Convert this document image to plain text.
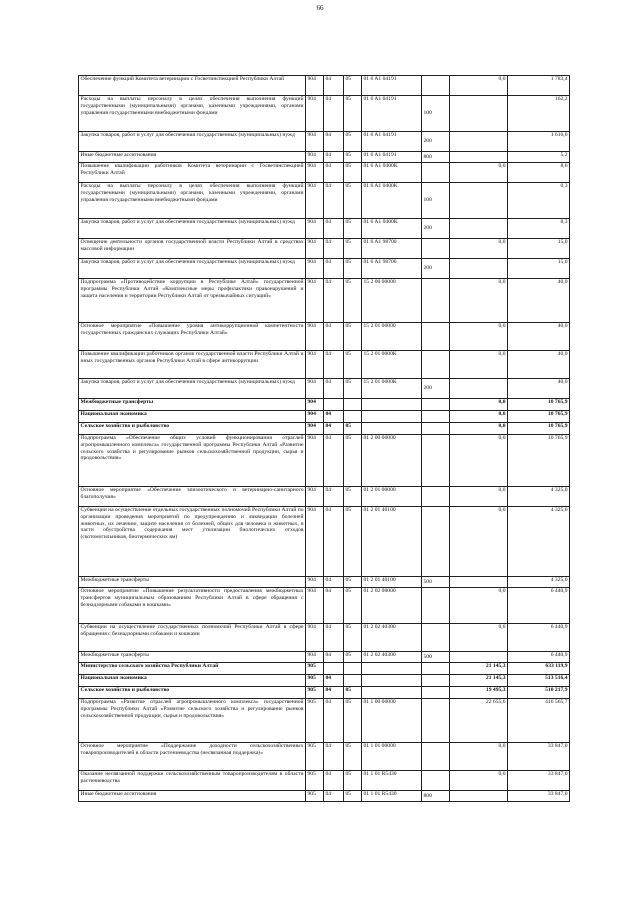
66
Обеспечение функций Комитета ветеринарии с Госветинспекцией Республики Алтай	904	04	05	01 6 A1 04191		0,0	1 783,4
Расходы на выплаты персоналу в целях обеспечения выполнения функций государственными (муниципальными) органами, казенными учреждениями, органами управления государственными внебюджетными фондами	904	04	05	01 6 A1 04191	100		162,2
Закупка товаров, работ и услуг для обеспечения государственных (муниципальных) нужд	904	04	05	01 6 A1 04191	200		1 616,0
Иные бюджетные ассигнования	904	04	05	01 6 A1 04191	800		5,2
Повышение квалификации работников Комитета ветеринарии с Госветинспекцией Республики Алтай	904	04	05	01 6 A1 0400К		0,0	8,6
Расходы на выплаты персоналу в целях обеспечения выполнения функций государственными (муниципальными) органами, казенными учреждениями, органами управления государственными внебюджетными фондами	904	04	05	01 6 A1 0400К	100		0,3
Закупка товаров, работ и услуг для обеспечения государственных (муниципальных) нужд	904	04	05	01 6 A1 0400К	200		8,3
Освещение деятельности органов государственной власти Республики Алтай в средствах массовой информации	904	04	05	01 6 A1 98700		0,0	15,0
Закупка товаров, работ и услуг для обеспечения государственных (муниципальных) нужд	904	04	05	01 6 A1 98700	200		15,0
Подпрограмма «Противодействие коррупции в Республике Алтай» государственной программы Республики Алтай «Комплексные меры профилактики правонарушений и защита населения и территории Республики Алтай от чрезвычайных ситуаций»	904	04	05	15 2 00 00000		0,0	40,0
Основное мероприятие «Повышение уровня антикоррупционной компетентности государственных гражданских служащих Республики Алтай»	904	04	05	15 2 01 00000		0,0	40,0
Повышение квалификации работников органов государственной власти Республики Алтай и иных государственных органов Республики Алтай в сфере антикоррупции	904	04	05	15 2 01 0000К		0,0	40,0
Закупка товаров, работ и услуг для обеспечения государственных (муниципальных) нужд	904	04	05	15 2 01 0000К	200		40,0
Межбюджетные трансферты	904					0,0	10 765,9
Национальная экономика	904	04				0,0	10 765,9
Сельское хозяйство и рыболовство	904	04	05			0,0	10 765,9
Подпрограмма «Обеспечение общих условий функционирования отраслей агропромышленного комплекса» государственной программы Республики Алтай «Развитие сельского хозяйства и регулирование рынков сельскохозяйственной продукции, сырья и продовольствия»	904	04	05	01 2 00 00000		0,0	10 765,9
Основное мероприятие «Обеспечение эпизоотического и ветеринарно-санитарного благополучия»	904	04	05	01 2 01 00000		0,0	4 325,0
Субвенции на осуществление отдельных государственных полномочий Республики Алтай по организации проведения мероприятий по предупреждению и ликвидации болезней животных, их лечению, защите населения от болезней, общих для человека и животных, в части обустройства содержания мест утилизации биологических отходов (скотомогильников, биотермических ям)	904	04	05	01 2 01 40100		0,0	4 325,0
Межбюджетные трансферты	904	04	05	01 2 01 40100	500		4 325,0
Основное мероприятие «Повышение результативности предоставления межбюджетных трансфертов муниципальным образованиям Республики Алтай в сфере обращения с безнадзорными собаками и кошками»	904	04	05	01 2 02 00000		0,0	6 440,9
Субвенции на осуществление государственных полномочий Республики Алтай в сфере обращения с безнадзорными собаками и кошками	904	04	05	01 2 02 40300		0,0	6 440,9
Межбюджетные трансферты	904	04	05	01 2 02 40300	500		6 440,9
Министерство сельского хозяйства Республики Алтай	905					21 145,3	633 119,9
Национальная экономика	905	04				21 145,3	513 516,4
Сельское хозяйство и рыболовство	905	04	05			19 495,3	510 217,9
Подпрограмма «Развитие отраслей агропромышленного комплекса» государственной программы Республики Алтай «Развитие сельского хозяйства и регулирование рынков сельскохозяйственной продукции, сырья и продовольствия»	905	04	05	01 1 00 00000		22 655,6	416 565,7
Основное мероприятие «Поддержание доходности сельскохозяйственных товаропроизводителей в области растениеводства (несвязанная поддержка)»	905	04	05	01 1 01 00000		0,0	33 847,0
Оказание несвязанной поддержки сельскохозяйственным товаропроизводителям в области растениеводства	905	04	05	01 1 01 R5430		0,0	33 847,0
Иные бюджетные ассигнования	905	04	05	01 1 01 R5430	800		33 847,0
